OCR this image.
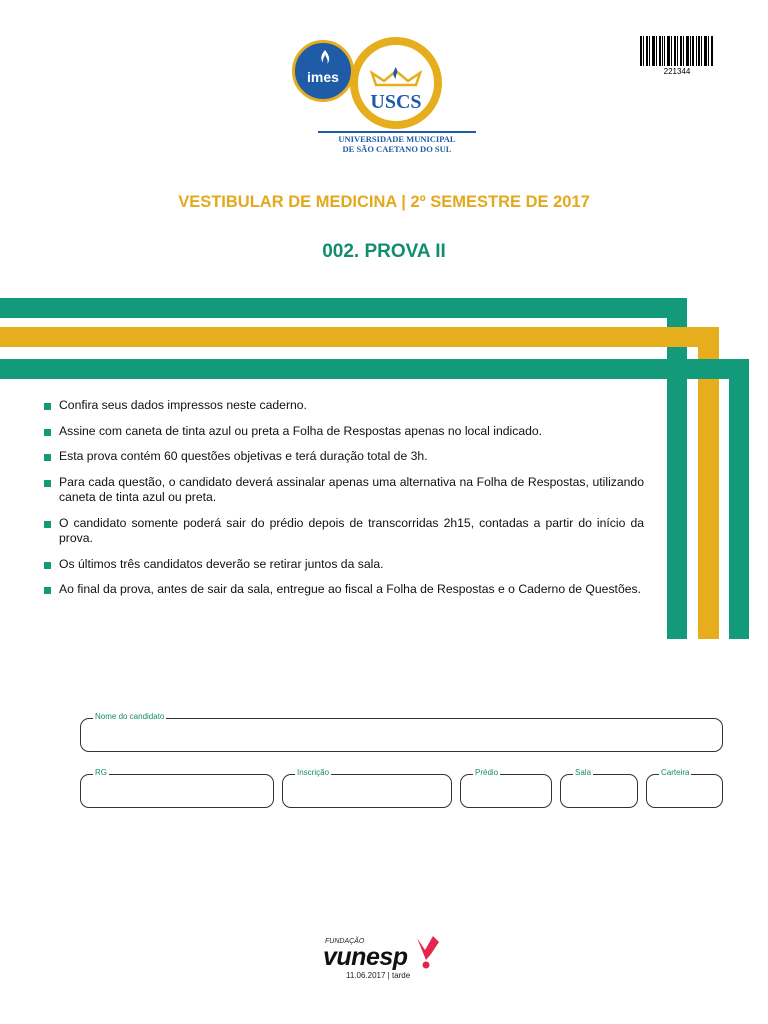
imes
USCS
UNIVERSIDADE MUNICIPAL
DE SÃO CAETANO DO SUL
221344
VESTIBULAR DE MEDICINA | 2º SEMESTRE DE 2017
002. PROVA II
Confira seus dados impressos neste caderno.
Assine com caneta de tinta azul ou preta a Folha de Respostas apenas no local indicado.
Esta prova contém 60 questões objetivas e terá duração total de 3h.
Para cada questão, o candidato deverá assinalar apenas uma alternativa na Folha de Respostas, utilizando caneta de tinta azul ou preta.
O candidato somente poderá sair do prédio depois de transcorridas 2h15, contadas a partir do início da prova.
Os últimos três candidatos deverão se retirar juntos da sala.
Ao final da prova, antes de sair da sala, entregue ao fiscal a Folha de Respostas e o Caderno de Questões.
Nome do candidato
RG	Inscrição	Prédio	Sala	Carteira
FUNDAÇÃO
vunesp
11.06.2017 | tarde
